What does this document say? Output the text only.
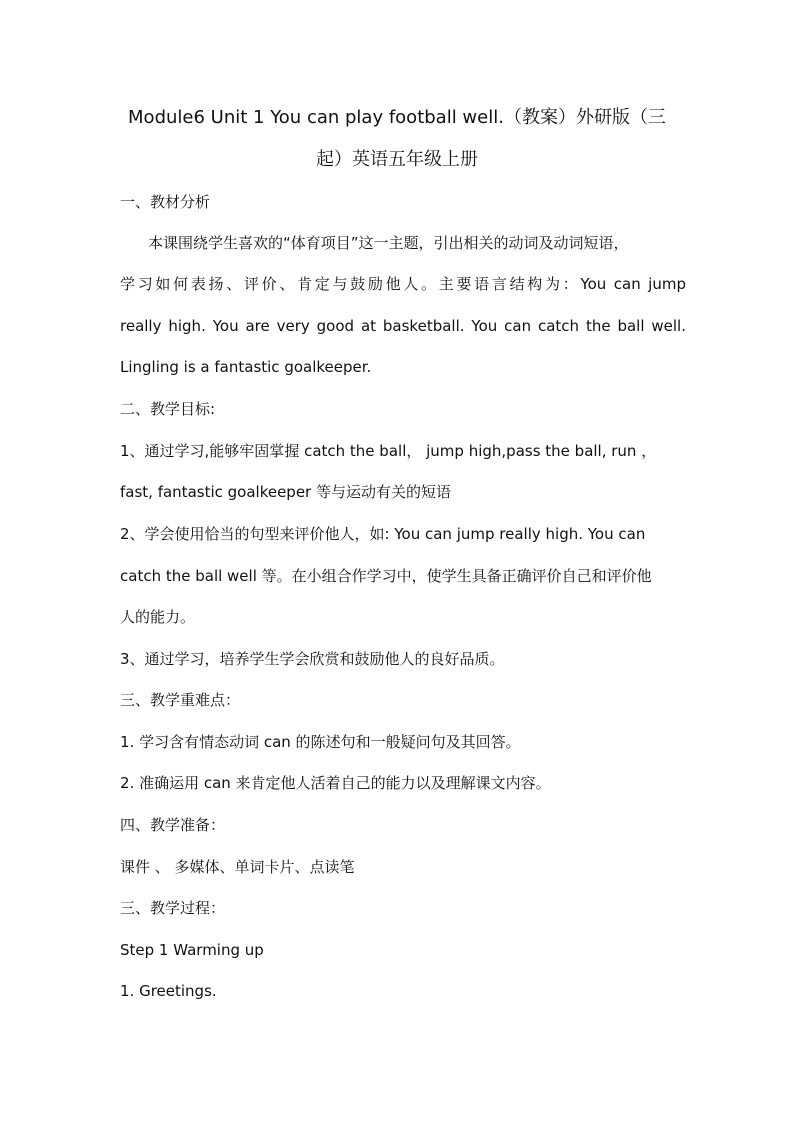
Module6 Unit 1 You can play football well.（教案）外研版（三
起）英语五年级上册
一、教材分析
本课围绕学生喜欢的“体育项目”这一主题，引出相关的动词及动词短语，
学习如何表扬、评价、肯定与鼓励他人。主要语言结构为：You can jump
really high. You are very good at basketball. You can catch the ball well.
Lingling is a fantastic goalkeeper.
二、教学目标:
1、通过学习,能够牢固掌握 catch the ball， jump high,pass the ball, run ，
fast, fantastic goalkeeper 等与运动有关的短语
2、学会使用恰当的句型来评价他人，如: You can jump really high. You can
catch the ball well 等。在小组合作学习中，使学生具备正确评价自己和评价他
人的能力。
3、通过学习，培养学生学会欣赏和鼓励他人的良好品质。
三、教学重难点：
1. 学习含有情态动词 can 的陈述句和一般疑问句及其回答。
2. 准确运用 can 来肯定他人活着自己的能力以及理解课文内容。
四、教学准备：
课件 、 多媒体、单词卡片、点读笔
三、教学过程：
Step 1 Warming up
1. Greetings.
